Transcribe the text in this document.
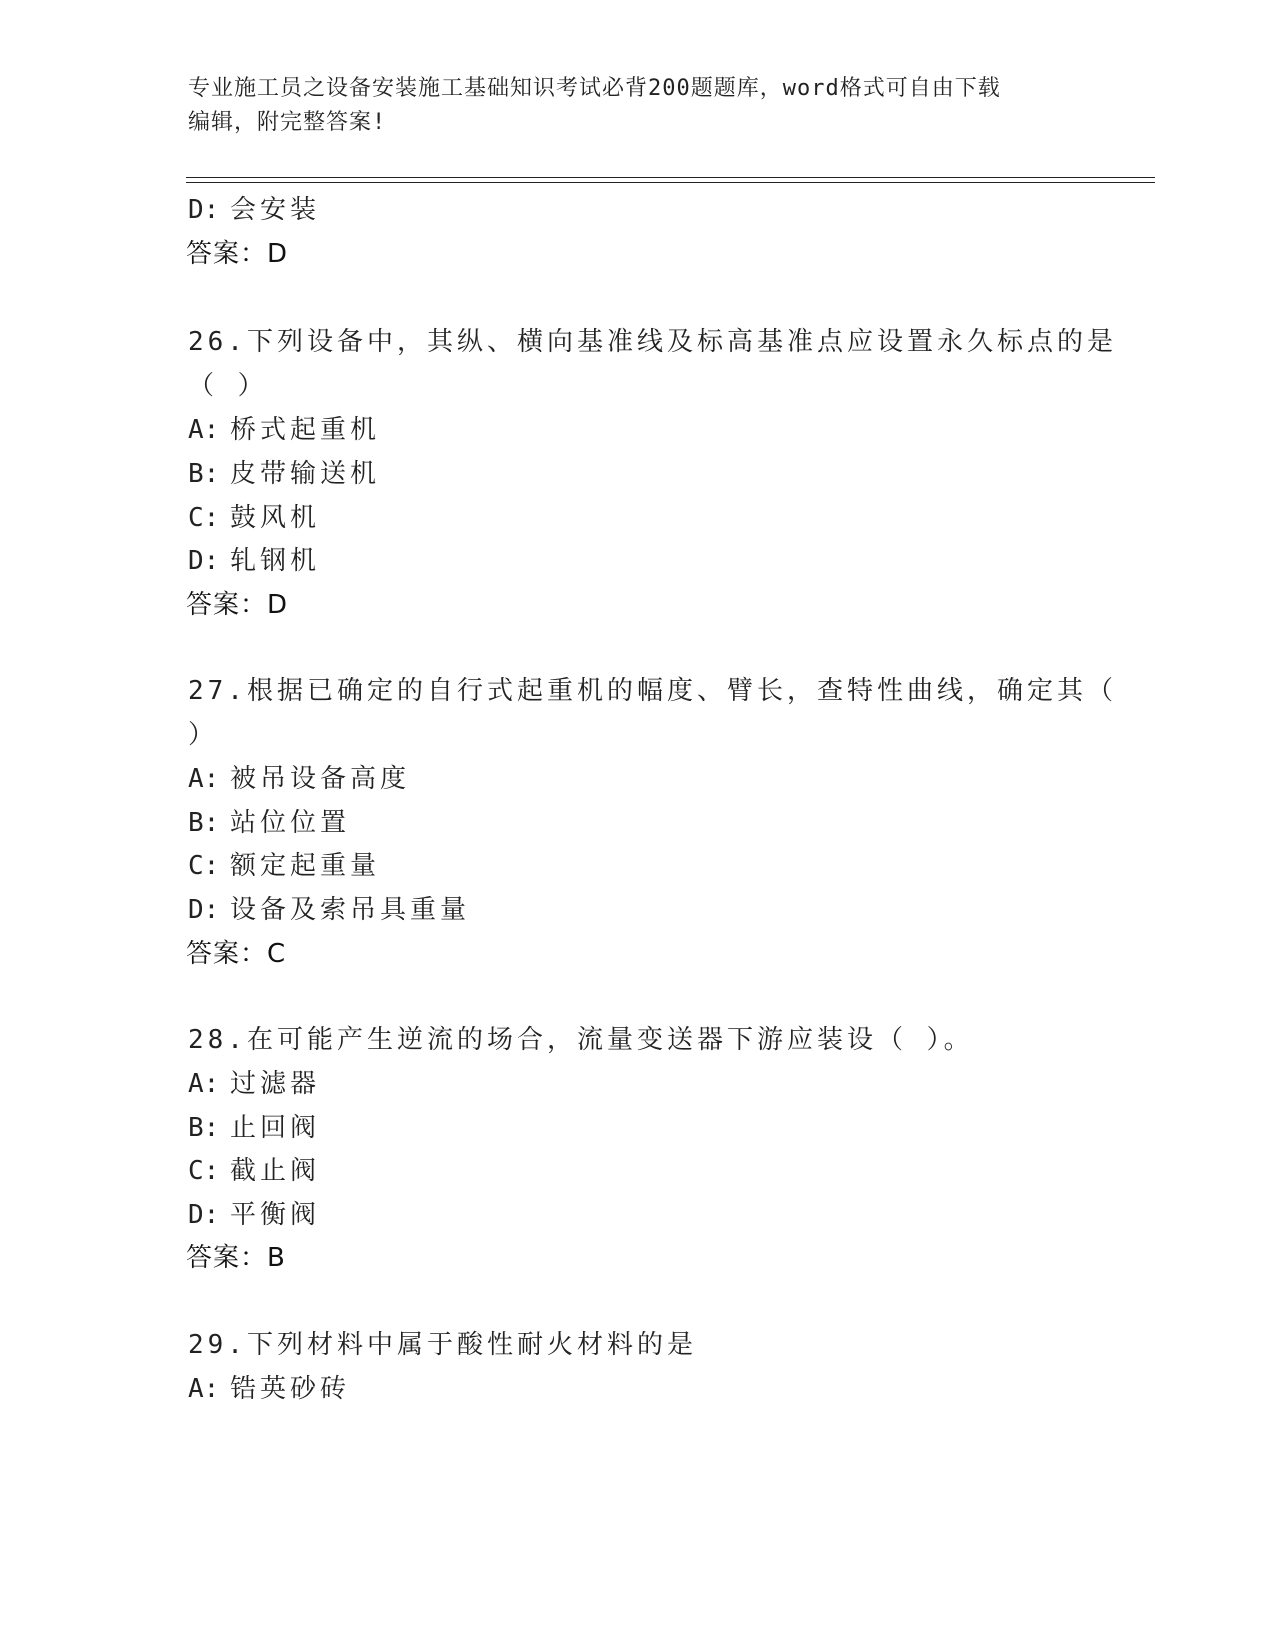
专业施工员之设备安装施工基础知识考试必背200题题库，word格式可自由下载
编辑，附完整答案!
D: 会安装
答案：D
26.下列设备中，其纵、横向基准线及标高基准点应设置永久标点的是
（ ）
A: 桥式起重机
B: 皮带输送机
C: 鼓风机
D: 轧钢机
答案：D
27.根据已确定的自行式起重机的幅度、臂长，查特性曲线，确定其（
）
A: 被吊设备高度
B: 站位位置
C: 额定起重量
D: 设备及索吊具重量
答案：C
28.在可能产生逆流的场合，流量变送器下游应装设（ ）。
A: 过滤器
B: 止回阀
C: 截止阀
D: 平衡阀
答案：B
29.下列材料中属于酸性耐火材料的是
A: 锆英砂砖
